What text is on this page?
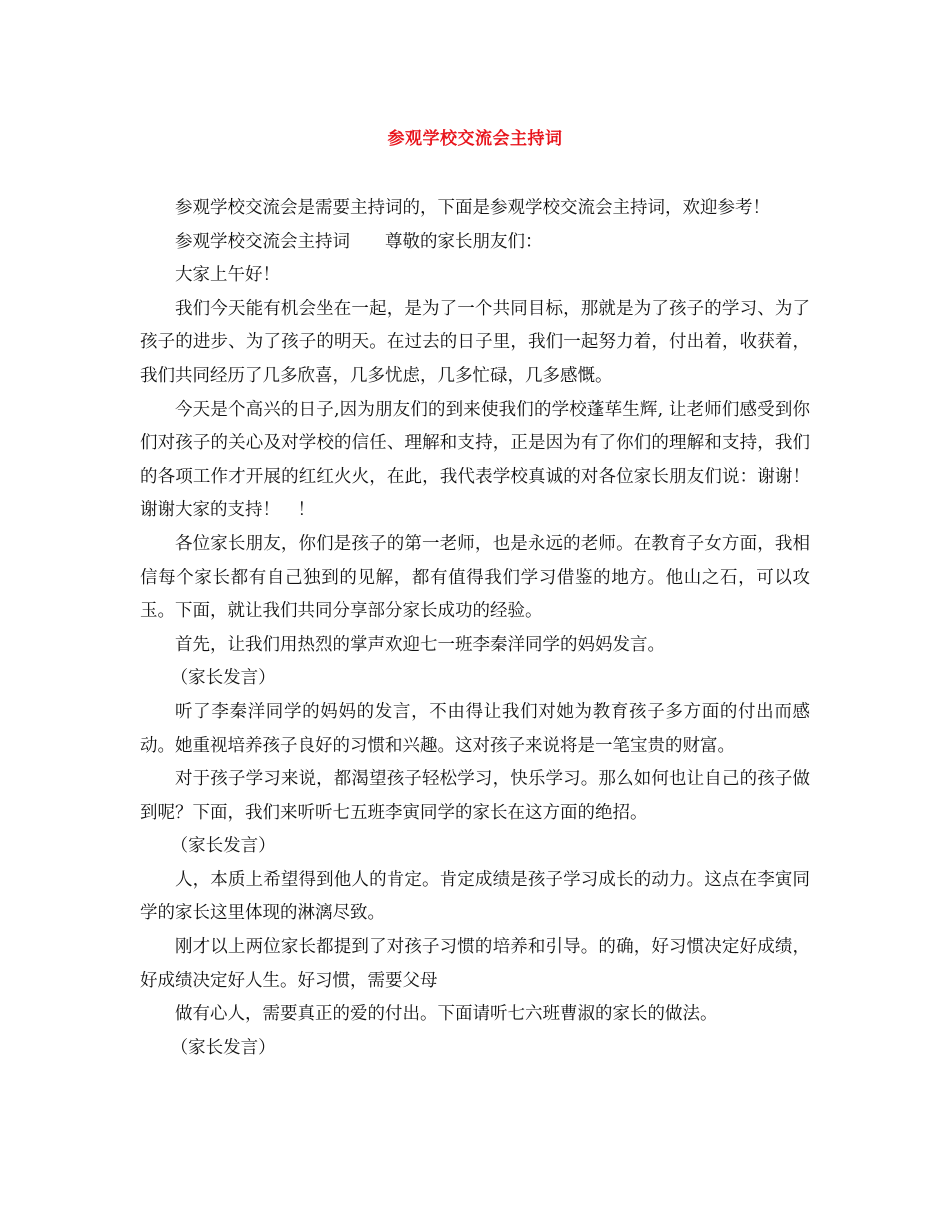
参观学校交流会主持词

参观学校交流会是需要主持词的，下面是参观学校交流会主持词，欢迎参考！

参观学校交流会主持词　　尊敬的家长朋友们：

大家上午好！

我们今天能有机会坐在一起，是为了一个共同目标，那就是为了孩子的学习、为了孩子的进步、为了孩子的明天。在过去的日子里，我们一起努力着，付出着，收获着，我们共同经历了几多欣喜，几多忧虑，几多忙碌，几多感慨。

今天是个高兴的日子,因为朋友们的到来使我们的学校蓬荜生辉, 让老师们感受到你们对孩子的关心及对学校的信任、理解和支持，正是因为有了你们的理解和支持，我们的各项工作才开展的红红火火，在此，我代表学校真诚的对各位家长朋友们说：谢谢！谢谢大家的支持！　！

各位家长朋友，你们是孩子的第一老师，也是永远的老师。在教育子女方面，我相信每个家长都有自己独到的见解，都有值得我们学习借鉴的地方。他山之石，可以攻玉。下面，就让我们共同分享部分家长成功的经验。

首先，让我们用热烈的掌声欢迎七一班李秦洋同学的妈妈发言。

（家长发言）

听了李秦洋同学的妈妈的发言，不由得让我们对她为教育孩子多方面的付出而感动。她重视培养孩子良好的习惯和兴趣。这对孩子来说将是一笔宝贵的财富。

对于孩子学习来说，都渴望孩子轻松学习，快乐学习。那么如何也让自己的孩子做到呢？下面，我们来听听七五班李寅同学的家长在这方面的绝招。

（家长发言）

人，本质上希望得到他人的肯定。肯定成绩是孩子学习成长的动力。这点在李寅同学的家长这里体现的淋漓尽致。

刚才以上两位家长都提到了对孩子习惯的培养和引导。的确，好习惯决定好成绩，好成绩决定好人生。好习惯，需要父母

做有心人，需要真正的爱的付出。下面请听七六班曹淑的家长的做法。

（家长发言）
